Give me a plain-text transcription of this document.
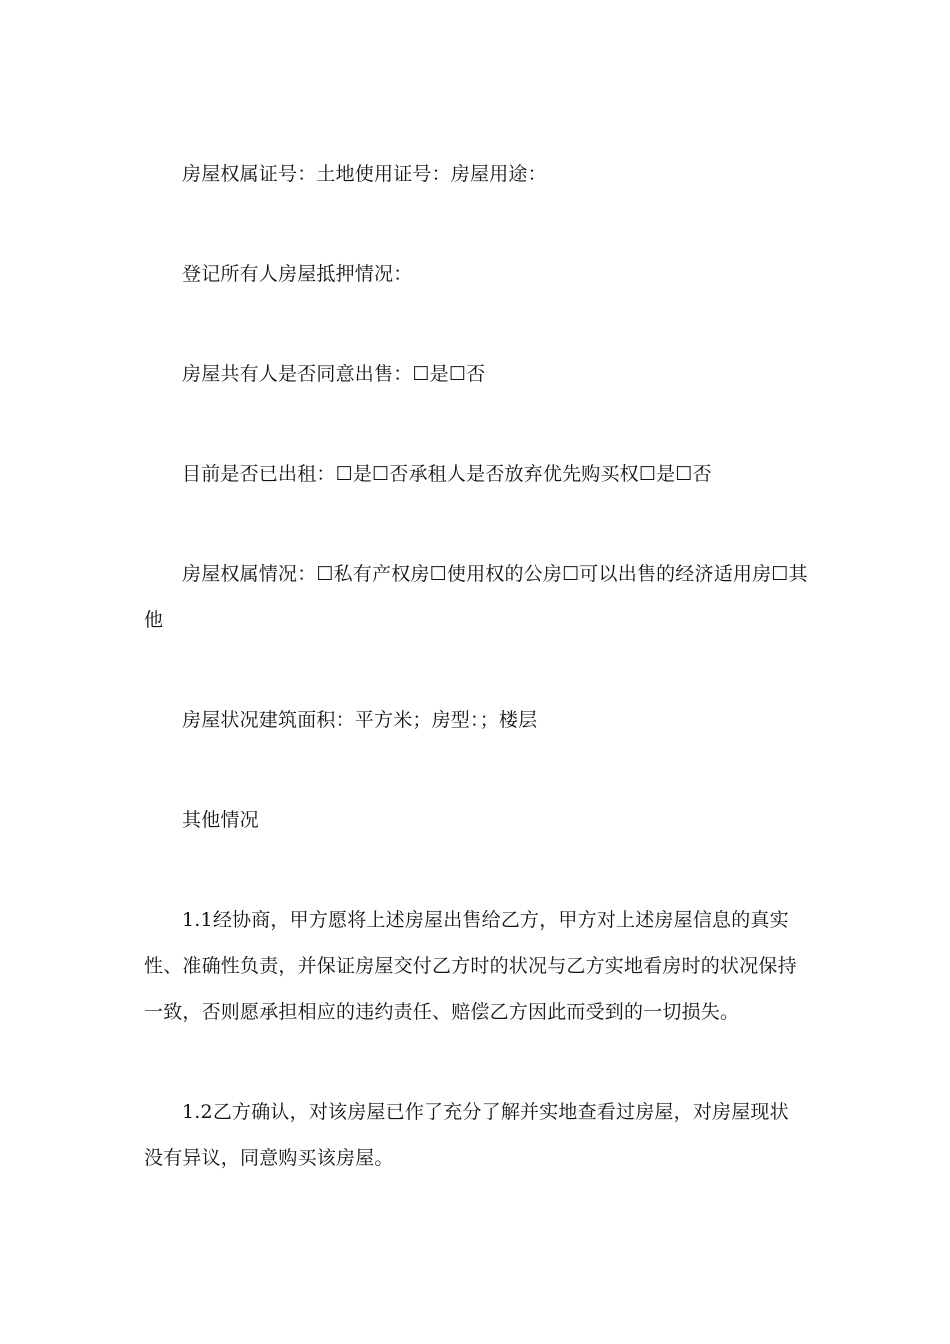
房屋权属证号：土地使用证号：房屋用途：

登记所有人房屋抵押情况：

房屋共有人是否同意出售：☐是☐否

目前是否已出租：☐是☐否承租人是否放弃优先购买权☐是☐否

房屋权属情况：☐私有产权房☐使用权的公房☐可以出售的经济适用房☐其他

房屋状况建筑面积：平方米；房型：；楼层

其他情况

1.1经协商，甲方愿将上述房屋出售给乙方，甲方对上述房屋信息的真实性、准确性负责，并保证房屋交付乙方时的状况与乙方实地看房时的状况保持一致，否则愿承担相应的违约责任、赔偿乙方因此而受到的一切损失。

1.2乙方确认，对该房屋已作了充分了解并实地查看过房屋，对房屋现状没有异议，同意购买该房屋。
